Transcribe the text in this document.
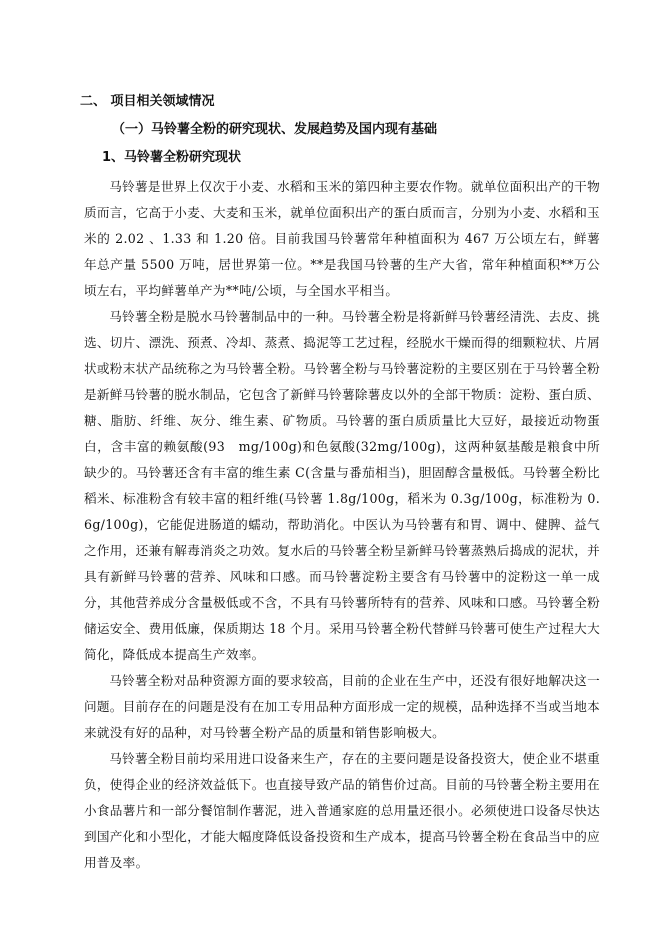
二、 项目相关领域情况
（一）马铃薯全粉的研究现状、发展趋势及国内现有基础
1、马铃薯全粉研究现状

马铃薯是世界上仅次于小麦、水稻和玉米的第四种主要农作物。就单位面积出产的干物质而言，它高于小麦、大麦和玉米，就单位面积出产的蛋白质而言，分别为小麦、水稻和玉米的 2.02 、1.33 和 1.20 倍。目前我国马铃薯常年种植面积为 467 万公顷左右，鲜薯年总产量 5500 万吨，居世界第一位。**是我国马铃薯的生产大省，常年种植面积**万公顷左右，平均鲜薯单产为**吨/公顷，与全国水平相当。

马铃薯全粉是脱水马铃薯制品中的一种。马铃薯全粉是将新鲜马铃薯经清洗、去皮、挑选、切片、漂洗、预煮、冷却、蒸煮、捣泥等工艺过程，经脱水干燥而得的细颗粒状、片屑状或粉末状产品统称之为马铃薯全粉。马铃薯全粉与马铃薯淀粉的主要区别在于马铃薯全粉是新鲜马铃薯的脱水制品，它包含了新鲜马铃薯除薯皮以外的全部干物质：淀粉、蛋白质、糖、脂肪、纤维、灰分、维生素、矿物质。马铃薯的蛋白质质量比大豆好，最接近动物蛋白，含丰富的赖氨酸(93　mg/100g)和色氨酸(32mg/100g)，这两种氨基酸是粮食中所缺少的。马铃薯还含有丰富的维生素 C(含量与番茄相当)，胆固醇含量极低。马铃薯全粉比稻米、标准粉含有较丰富的粗纤维(马铃薯 1.8g/100g，稻米为 0.3g/100g，标准粉为 0.6g/100g)，它能促进肠道的蠕动，帮助消化。中医认为马铃薯有和胃、调中、健脾、益气之作用，还兼有解毒消炎之功效。复水后的马铃薯全粉呈新鲜马铃薯蒸熟后捣成的泥状，并具有新鲜马铃薯的营养、风味和口感。而马铃薯淀粉主要含有马铃薯中的淀粉这一单一成分，其他营养成分含量极低或不含，不具有马铃薯所特有的营养、风味和口感。马铃薯全粉储运安全、费用低廉，保质期达 18 个月。采用马铃薯全粉代替鲜马铃薯可使生产过程大大简化，降低成本提高生产效率。

马铃薯全粉对品种资源方面的要求较高，目前的企业在生产中，还没有很好地解决这一问题。目前存在的问题是没有在加工专用品种方面形成一定的规模，品种选择不当或当地本来就没有好的品种，对马铃薯全粉产品的质量和销售影响极大。

马铃薯全粉目前均采用进口设备来生产，存在的主要问题是设备投资大，使企业不堪重负，使得企业的经济效益低下。也直接导致产品的销售价过高。目前的马铃薯全粉主要用在小食品薯片和一部分餐馆制作薯泥，进入普通家庭的总用量还很小。必须使进口设备尽快达到国产化和小型化，才能大幅度降低设备投资和生产成本，提高马铃薯全粉在食品当中的应用普及率。
